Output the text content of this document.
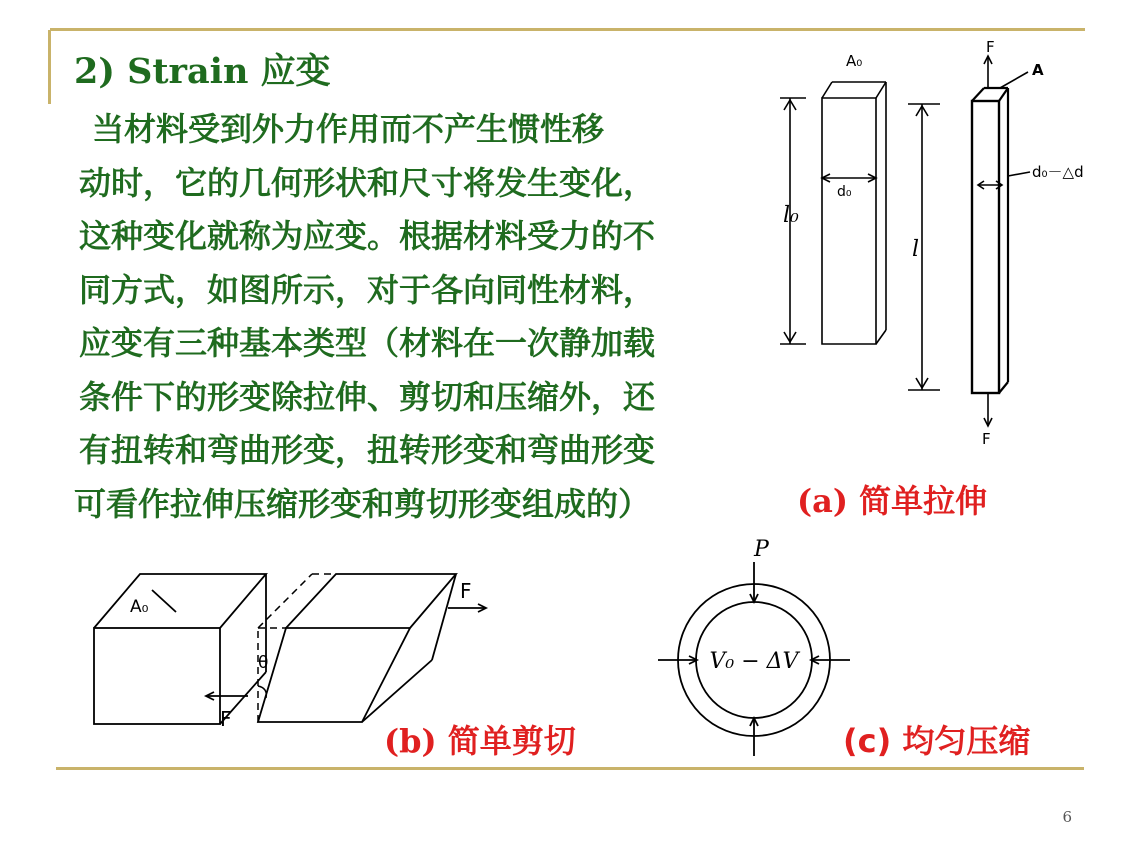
2) Strain 应变
当材料受到外力作用而不产生惯性移
动时，它的几何形状和尺寸将发生变化，
这种变化就称为应变。根据材料受力的不
同方式，如图所示，对于各向同性材料，
应变有三种基本类型（材料在一次静加载
条件下的形变除拉伸、剪切和压缩外，还
有扭转和弯曲形变，扭转形变和弯曲形变
可看作拉伸压缩形变和剪切形变组成的）
A₀
F
A
l₀
d₀
l
d₀－△d
F
(a) 简单拉伸
A₀
F
θ
F
(b) 简单剪切
P
V₀ − ΔV
(c) 均匀压缩
6
